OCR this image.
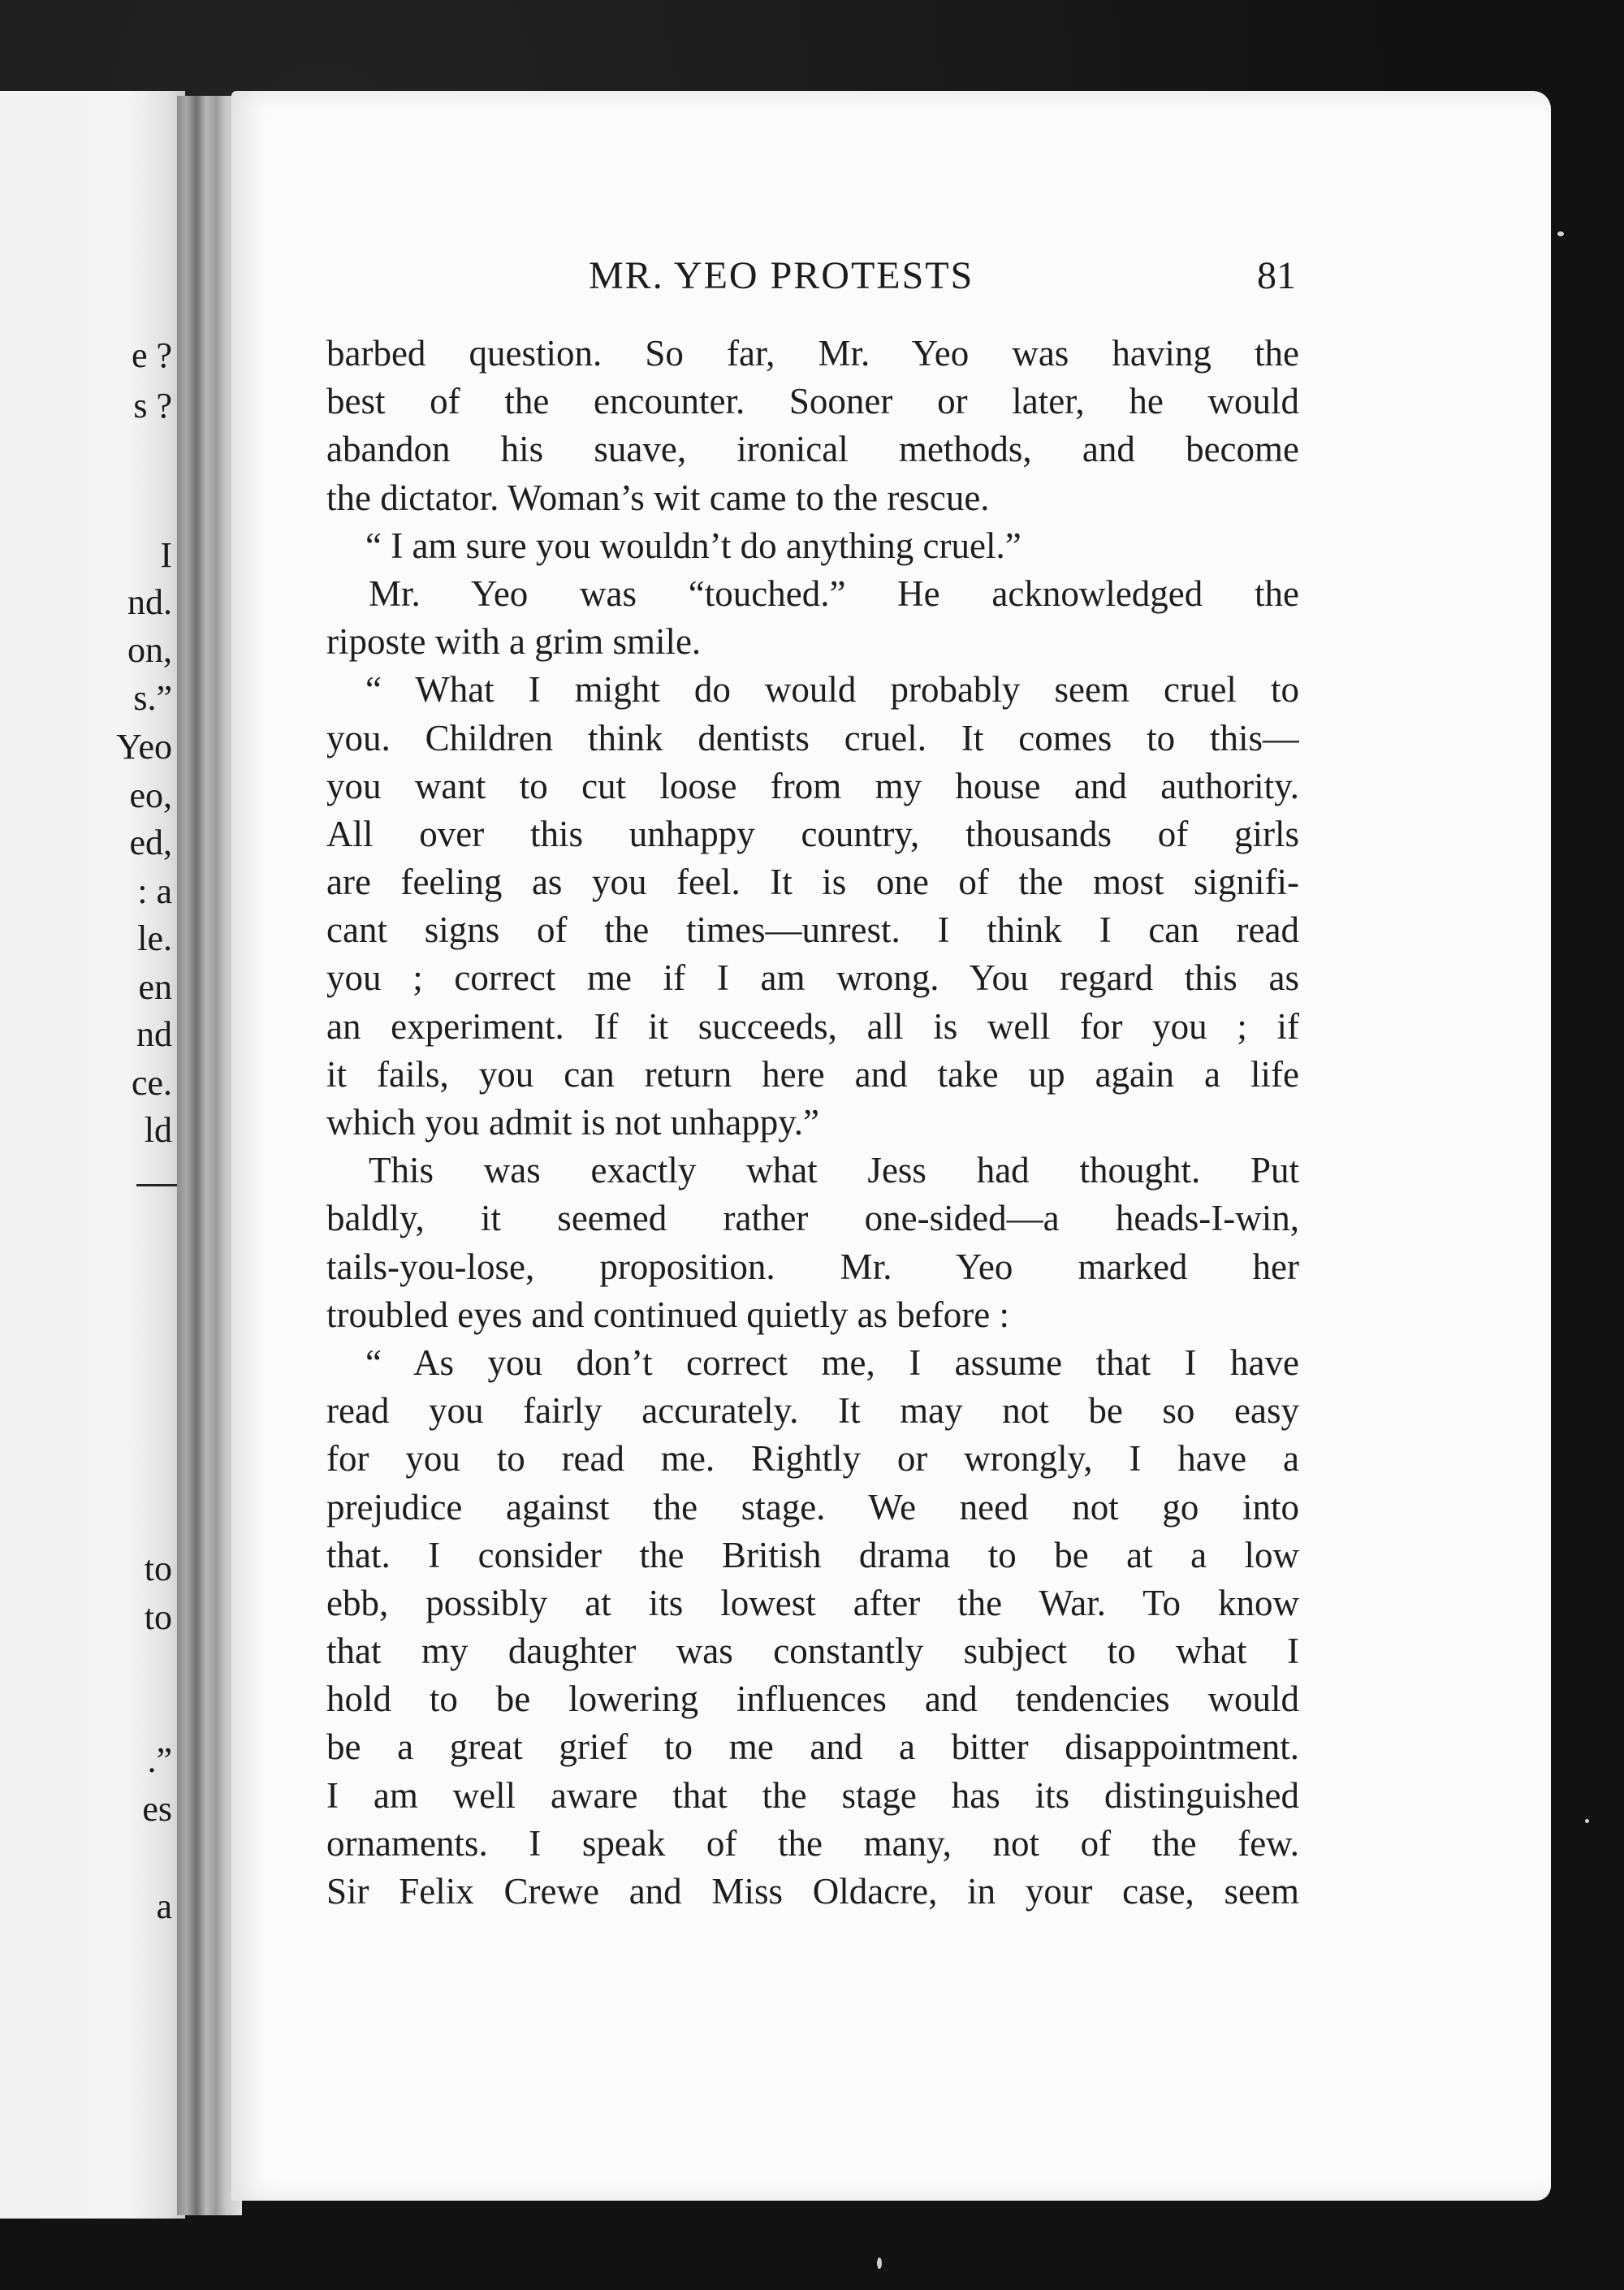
e ?
s ?
I
nd.
on,
s.”
Yeo
eo,
ed,
: a
le.
en
nd
ce.
ld
to
to
.”
es
a
MR. YEO PROTESTS	81
barbed question. So far, Mr. Yeo was having the
best of the encounter. Sooner or later, he would
abandon his suave, ironical methods, and become
the dictator. Woman’s wit came to the rescue.
“ I am sure you wouldn’t do anything cruel.”
Mr. Yeo was “touched.” He acknowledged the
riposte with a grim smile.
“ What I might do would probably seem cruel to
you. Children think dentists cruel. It comes to this—
you want to cut loose from my house and authority.
All over this unhappy country, thousands of girls
are feeling as you feel. It is one of the most signifi-
cant signs of the times—unrest. I think I can read
you ; correct me if I am wrong. You regard this as
an experiment. If it succeeds, all is well for you ; if
it fails, you can return here and take up again a life
which you admit is not unhappy.”
This was exactly what Jess had thought. Put
baldly, it seemed rather one-sided—a heads-I-win,
tails-you-lose, proposition. Mr. Yeo marked her
troubled eyes and continued quietly as before :
“ As you don’t correct me, I assume that I have
read you fairly accurately. It may not be so easy
for you to read me. Rightly or wrongly, I have a
prejudice against the stage. We need not go into
that. I consider the British drama to be at a low
ebb, possibly at its lowest after the War. To know
that my daughter was constantly subject to what I
hold to be lowering influences and tendencies would
be a great grief to me and a bitter disappointment.
I am well aware that the stage has its distinguished
ornaments. I speak of the many, not of the few.
Sir Felix Crewe and Miss Oldacre, in your case, seem
